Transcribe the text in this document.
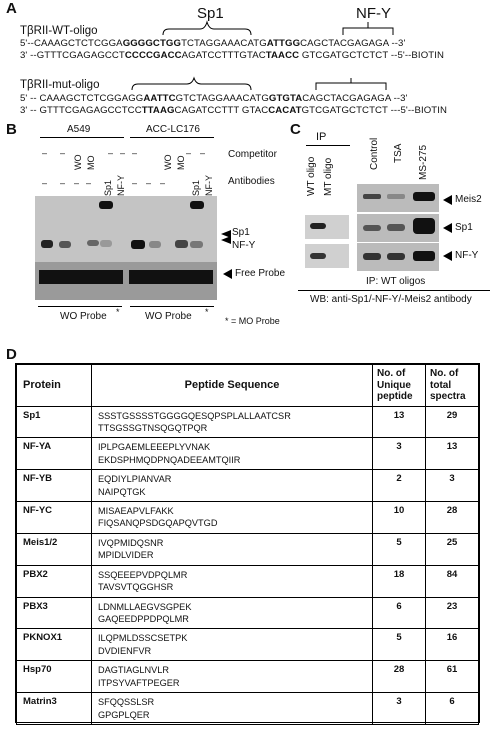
A
TβRII-WT-oligo
Sp1	NF-Y
5'--CAAAGCTCTCGGAGGGGCTGGTCTAGGAAACATGATTGGCAGCTACGAGAGA --3'
3' --GTTTCGAGAGCCTCCCCGACCAGATCCTTTGTACTAACC GTCGATGCTCTCT --5'--BIOTIN
TβRII-mut-oligo
5' -- CAAAGCTCTCGGAGGAATTCGTCTAGGAAACATGGTGTACAGCTACGAGAGA --3'
3' -- GTTTCGAGAGCCTCCTTAAGCAGATCCTTT GTACCACATGTCGATGCTCTCT ---5'--BIOTIN
B	A549	ACC-LC176
– –	– – –	– –
– – – –	– – –
WO MO
Sp1 NF-Y
WO MO
Sp1 NF-Y
Competitor
Antibodies
Sp1
NF-Y
Free Probe
WO Probe *	WO Probe *
* = MO Probe
C IP
WT oligo MT oligo
Control TSA MS-275
Meis2
Sp1
NF-Y
IP: WT oligos
WB: anti-Sp1/-NF-Y/-Meis2 antibody
D
Protein	Peptide Sequence	No. of Unique peptide	No. of total spectra
Sp1	SSSTGSSSSTGGGGQESQPSPLALLAATCSR
TTSGSSGTNSQGQTPQR	13	29
NF-YA	IPLPGAEMLEEEPLYVNAK
EKDSPHMQDPNQADEEAMTQIIR	3	13
NF-YB	EQDIYLPIANVAR
NAIPQTGK	2	3
NF-YC	MISAEAPVLFAKK
FIQSANQPSDGQAPQVTGD	10	28
Meis1/2	IVQPMIDQSNR
MPIDLVIDER	5	25
PBX2	SSQEEEPVDPQLMR
TAVSVTQGGHSR	18	84
PBX3	LDNMLLAEGVSGPEK
GAQEEDPPDPQLMR	6	23
PKNOX1	ILQPMLDSSCSETPK
DVDIENFVR	5	16
Hsp70	DAGTIAGLNVLR
ITPSYVAFTPEGER	28	61
Matrin3	SFQQSSLSR
GPGPLQER	3	6
